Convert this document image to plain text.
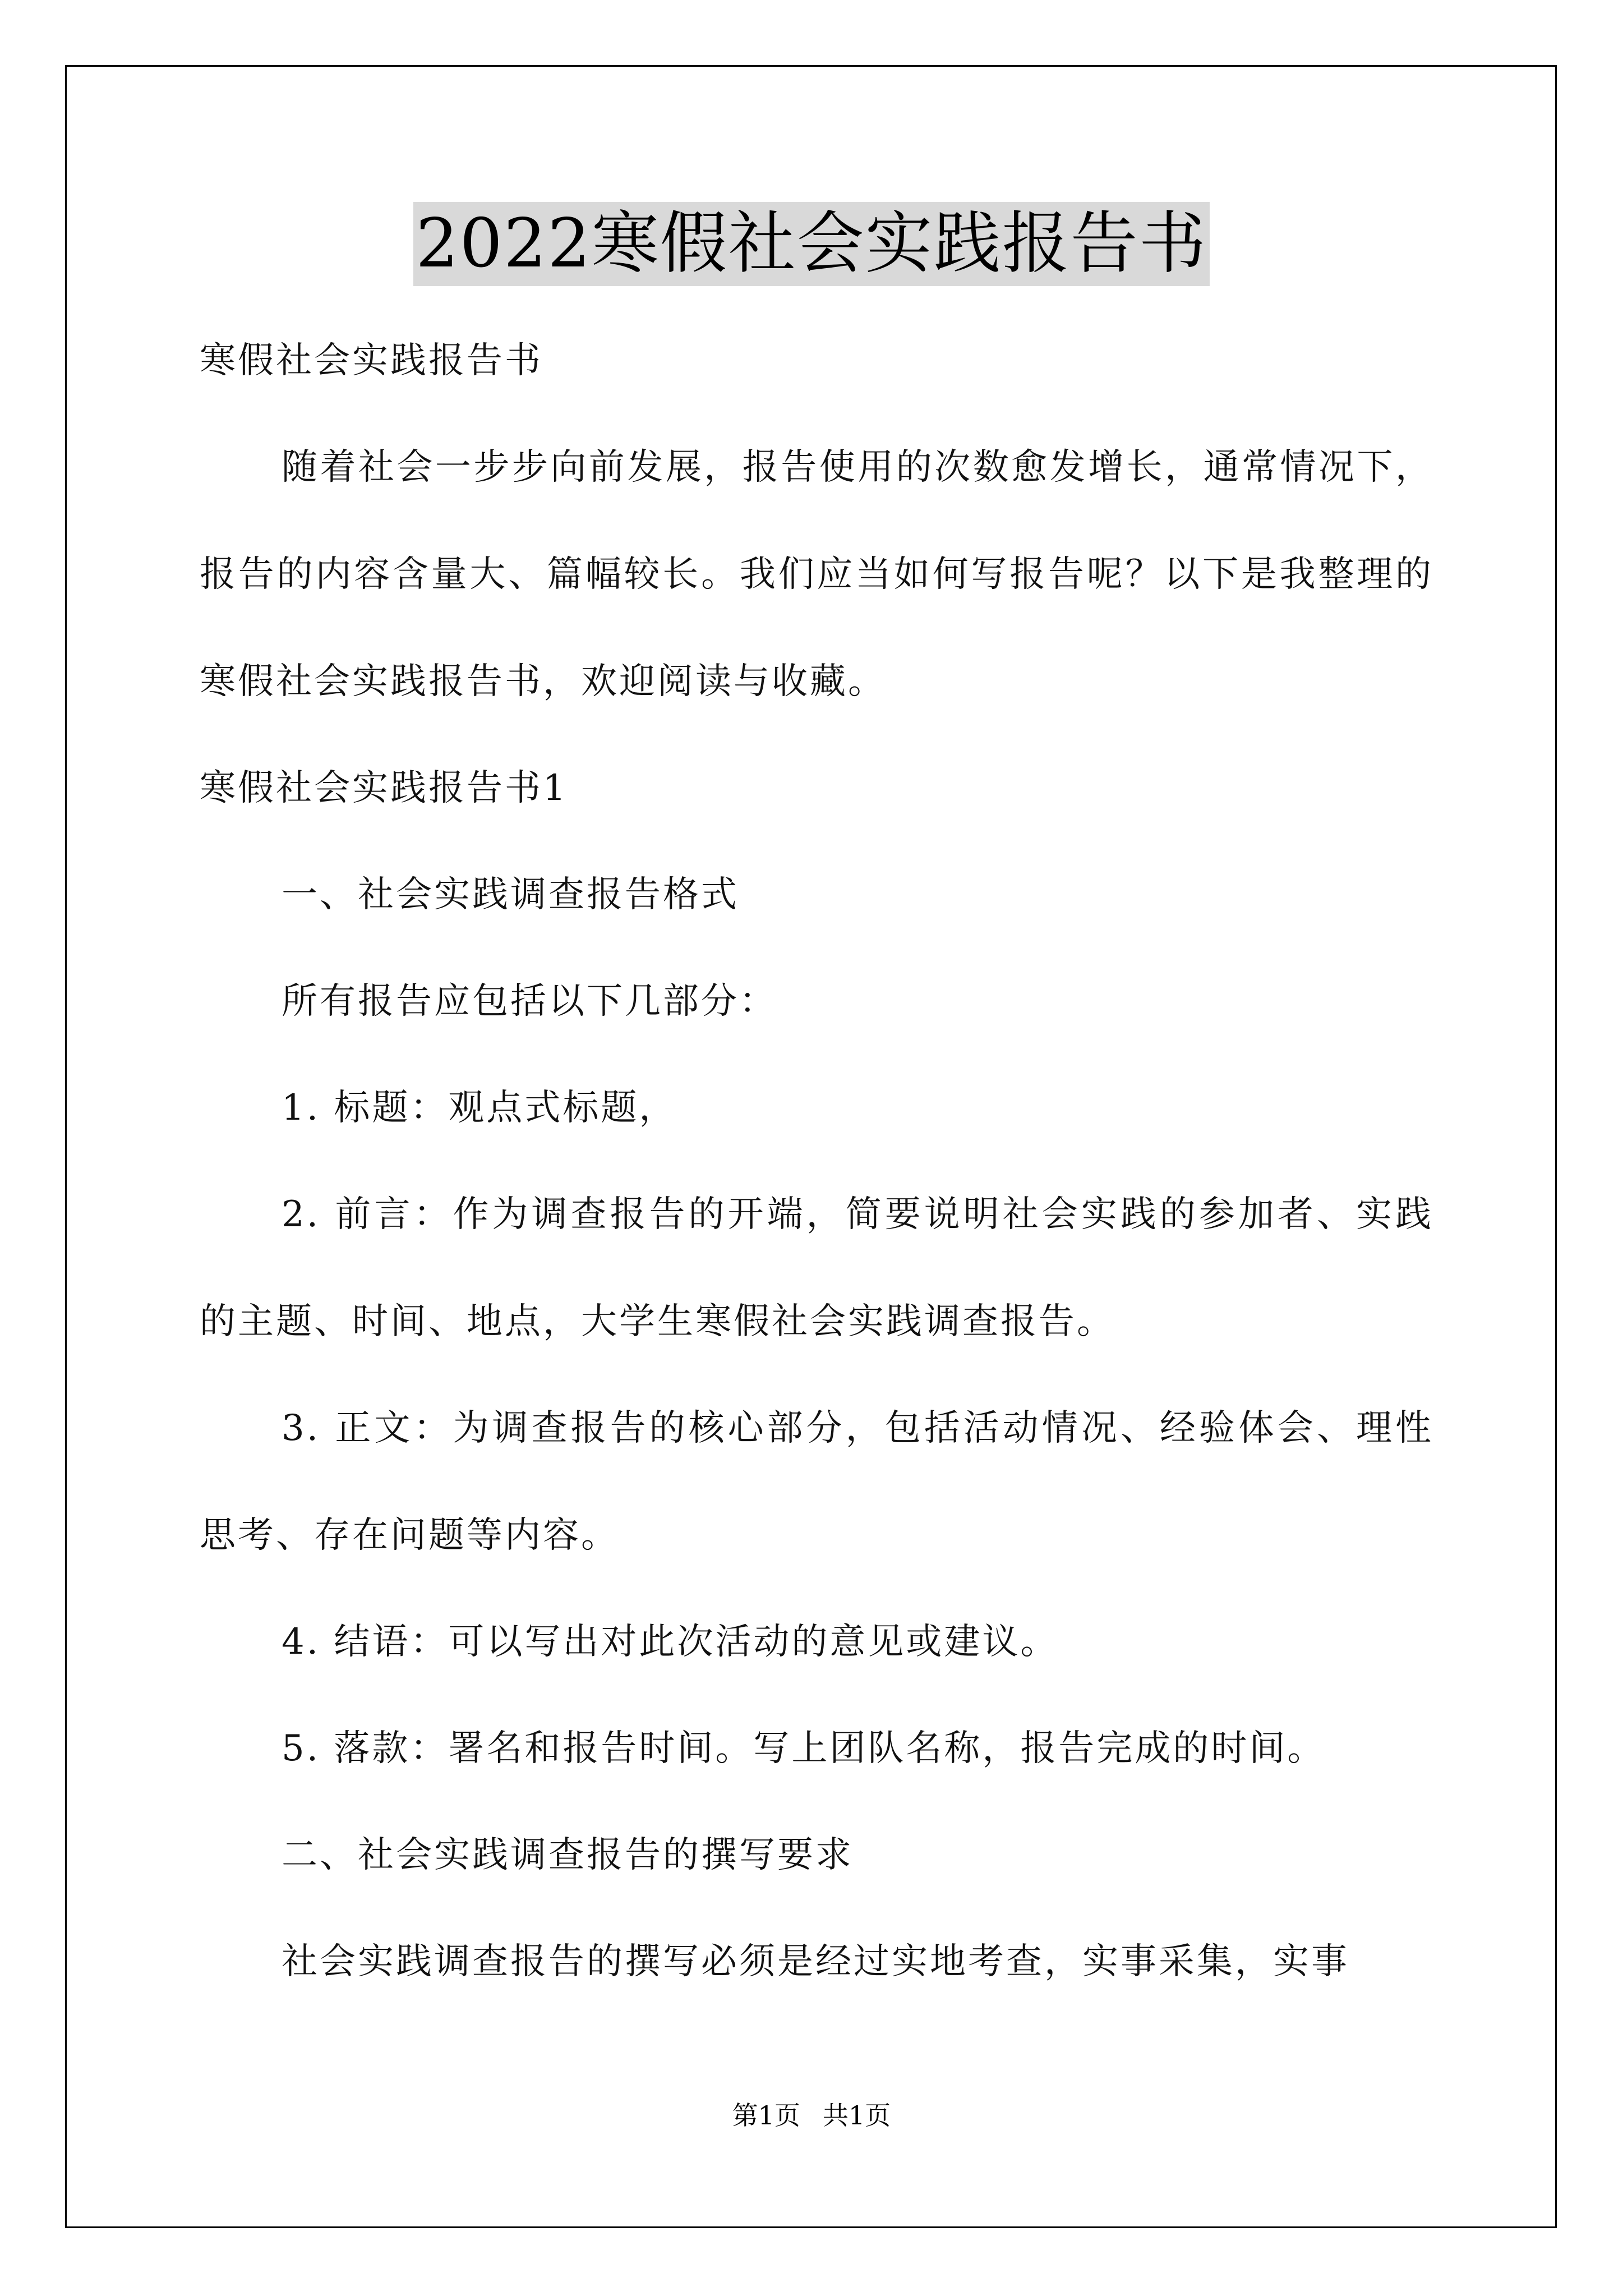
2022寒假社会实践报告书

寒假社会实践报告书

随着社会一步步向前发展，报告使用的次数愈发增长，通常情况下，报告的内容含量大、篇幅较长。我们应当如何写报告呢？以下是我整理的寒假社会实践报告书，欢迎阅读与收藏。

寒假社会实践报告书1

一、社会实践调查报告格式

所有报告应包括以下几部分：

1. 标题：观点式标题，

2. 前言：作为调查报告的开端，简要说明社会实践的参加者、实践的主题、时间、地点，大学生寒假社会实践调查报告。

3. 正文：为调查报告的核心部分，包括活动情况、经验体会、理性思考、存在问题等内容。

4. 结语：可以写出对此次活动的意见或建议。

5. 落款：署名和报告时间。写上团队名称，报告完成的时间。

二、社会实践调查报告的撰写要求

社会实践调查报告的撰写必须是经过实地考查，实事采集，实事

第1页 共1页
